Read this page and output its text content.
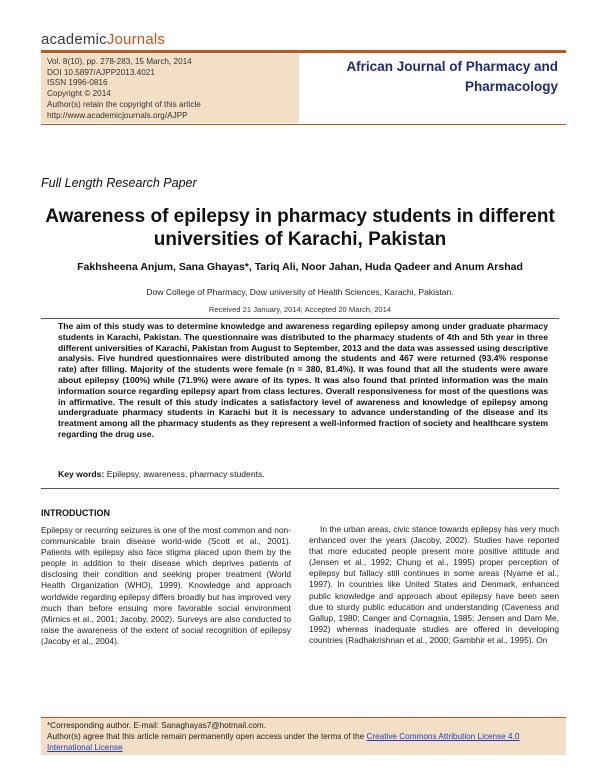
academicJournals
Vol. 8(10), pp. 278-283, 15 March, 2014
DOI 10.5897/AJPP2013.4021
ISSN 1996-0816
Copyright © 2014
Author(s) retain the copyright of this article
http://www.academicjournals.org/AJPP
African Journal of Pharmacy and
Pharmacology
Full Length Research Paper
Awareness of epilepsy in pharmacy students in different universities of Karachi, Pakistan
Fakhsheena Anjum, Sana Ghayas*, Tariq Ali, Noor Jahan, Huda Qadeer and Anum Arshad
Dow College of Pharmacy, Dow university of Health Sciences, Karachi, Pakistan.
Received 21 January, 2014; Accepted 20 March, 2014
The aim of this study was to determine knowledge and awareness regarding epilepsy among under graduate pharmacy students in Karachi, Pakistan. The questionnaire was distributed to the pharmacy students of 4th and 5th year in three different universities of Karachi, Pakistan from August to September, 2013 and the data was assessed using descriptive analysis. Five hundred questionnaires were distributed among the students and 467 were returned (93.4% response rate) after filling. Majority of the students were female (n = 380, 81.4%). It was found that all the students were aware about epilepsy (100%) while (71.9%) were aware of its types. It was also found that printed information was the main information source regarding epilepsy apart from class lectures. Overall responsiveness for most of the questions was in affirmative. The result of this study indicates a satisfactory level of awareness and knowledge of epilepsy among undergraduate pharmacy students in Karachi but it is necessary to advance understanding of the disease and its treatment among all the pharmacy students as they represent a well-informed fraction of society and healthcare system regarding the drug use.
Key words: Epilepsy, awareness, pharmacy students.
INTRODUCTION

Epilepsy or recurring seizures is one of the most common and non-communicable brain disease world-wide (Scott et al., 2001). Patients with epilepsy also face stigma placed upon them by the people in addition to their disease which deprives patients of disclosing their condition and seeking proper treatment (World Health Organization (WHO), 1999). Knowledge and approach worldwide regarding epilepsy differs broadly but has improved very much than before ensuing more favorable social environment (Mirnics et al., 2001; Jacoby, 2002). Surveys are also conducted to raise the awareness of the extent of social recognition of epilepsy (Jacoby et al., 2004).

In the urban areas, civic stance towards epilepsy has very much enhanced over the years (Jacoby, 2002). Studies have reported that more educated people present more positive attitude and (Jensen et al., 1992; Chung et al., 1995) proper perception of epilepsy but fallacy still continues in some areas (Nyame et al., 1997). In countries like United States and Denmark, enhanced public knowledge and approach about epilepsy have been seen due to sturdy public education and understanding (Caveness and Gallup, 1980; Canger and Cornagsia, 1985; Jensen and Dam Me, 1992) whereas inadequate studies are offered in developing countries (Radhakrishnan et al., 2000; Gambhir et al., 1995). On

*Corresponding author. E-mail: Sanaghayas7@hotmail.com.
Author(s) agree that this article remain permanently open access under the terms of the Creative Commons Attribution License 4.0 International License
